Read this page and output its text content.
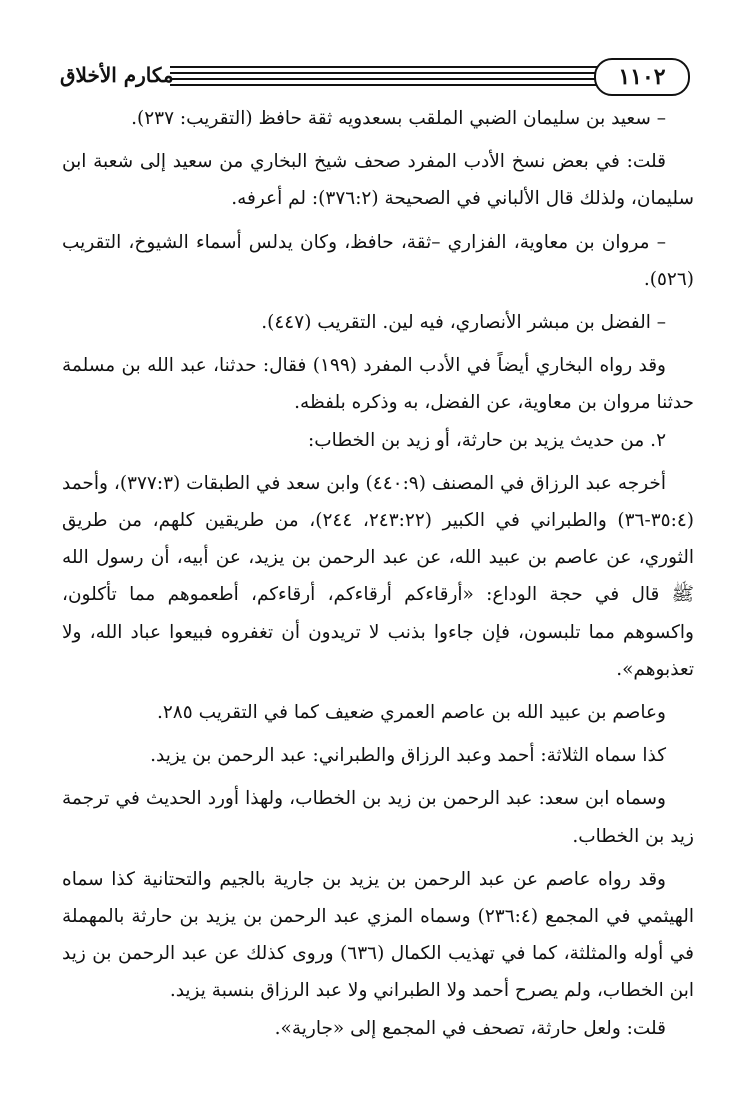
١١٠٢
مكارم الأخلاق

– سعيد بن سليمان الضبي الملقب بسعدويه ثقة حافظ (التقريب: ٢٣٧).

قلت: في بعض نسخ الأدب المفرد صحف شيخ البخاري من سعيد إلى شعبة ابن سليمان، ولذلك قال الألباني في الصحيحة (٣٧٦:٢): لم أعرفه.

– مروان بن معاوية، الفزاري –ثقة، حافظ، وكان يدلس أسماء الشيوخ، التقريب (٥٢٦).

– الفضل بن مبشر الأنصاري، فيه لين. التقريب (٤٤٧).

وقد رواه البخاري أيضاً في الأدب المفرد (١٩٩) فقال: حدثنا، عبد الله بن مسلمة حدثنا مروان بن معاوية، عن الفضل، به وذكره بلفظه.

٢. من حديث يزيد بن حارثة، أو زيد بن الخطاب:

أخرجه عبد الرزاق في المصنف (٤٤٠:٩) وابن سعد في الطبقات (٣٧٧:٣)، وأحمد (٣٥:٤-٣٦) والطبراني في الكبير (٢٤٣:٢٢، ٢٤٤)، من طريقين كلهم، من طريق الثوري، عن عاصم بن عبيد الله، عن عبد الرحمن بن يزيد، عن أبيه، أن رسول الله ﷺ قال في حجة الوداع: «أرقاءكم أرقاءكم، أرقاءكم، أطعموهم مما تأكلون، واكسوهم مما تلبسون، فإن جاءوا بذنب لا تريدون أن تغفروه فبيعوا عباد الله، ولا تعذبوهم».

وعاصم بن عبيد الله بن عاصم العمري ضعيف كما في التقريب ٢٨٥.

كذا سماه الثلاثة: أحمد وعبد الرزاق والطبراني: عبد الرحمن بن يزيد.

وسماه ابن سعد: عبد الرحمن بن زيد بن الخطاب، ولهذا أورد الحديث في ترجمة زيد بن الخطاب.

وقد رواه عاصم عن عبد الرحمن بن يزيد بن جارية بالجيم والتحتانية كذا سماه الهيثمي في المجمع (٢٣٦:٤) وسماه المزي عبد الرحمن بن يزيد بن حارثة بالمهملة في أوله والمثلثة، كما في تهذيب الكمال (٦٣٦) وروى كذلك عن عبد الرحمن بن زيد ابن الخطاب، ولم يصرح أحمد ولا الطبراني ولا عبد الرزاق بنسبة يزيد.

قلت: ولعل حارثة، تصحف في المجمع إلى «جارية».
